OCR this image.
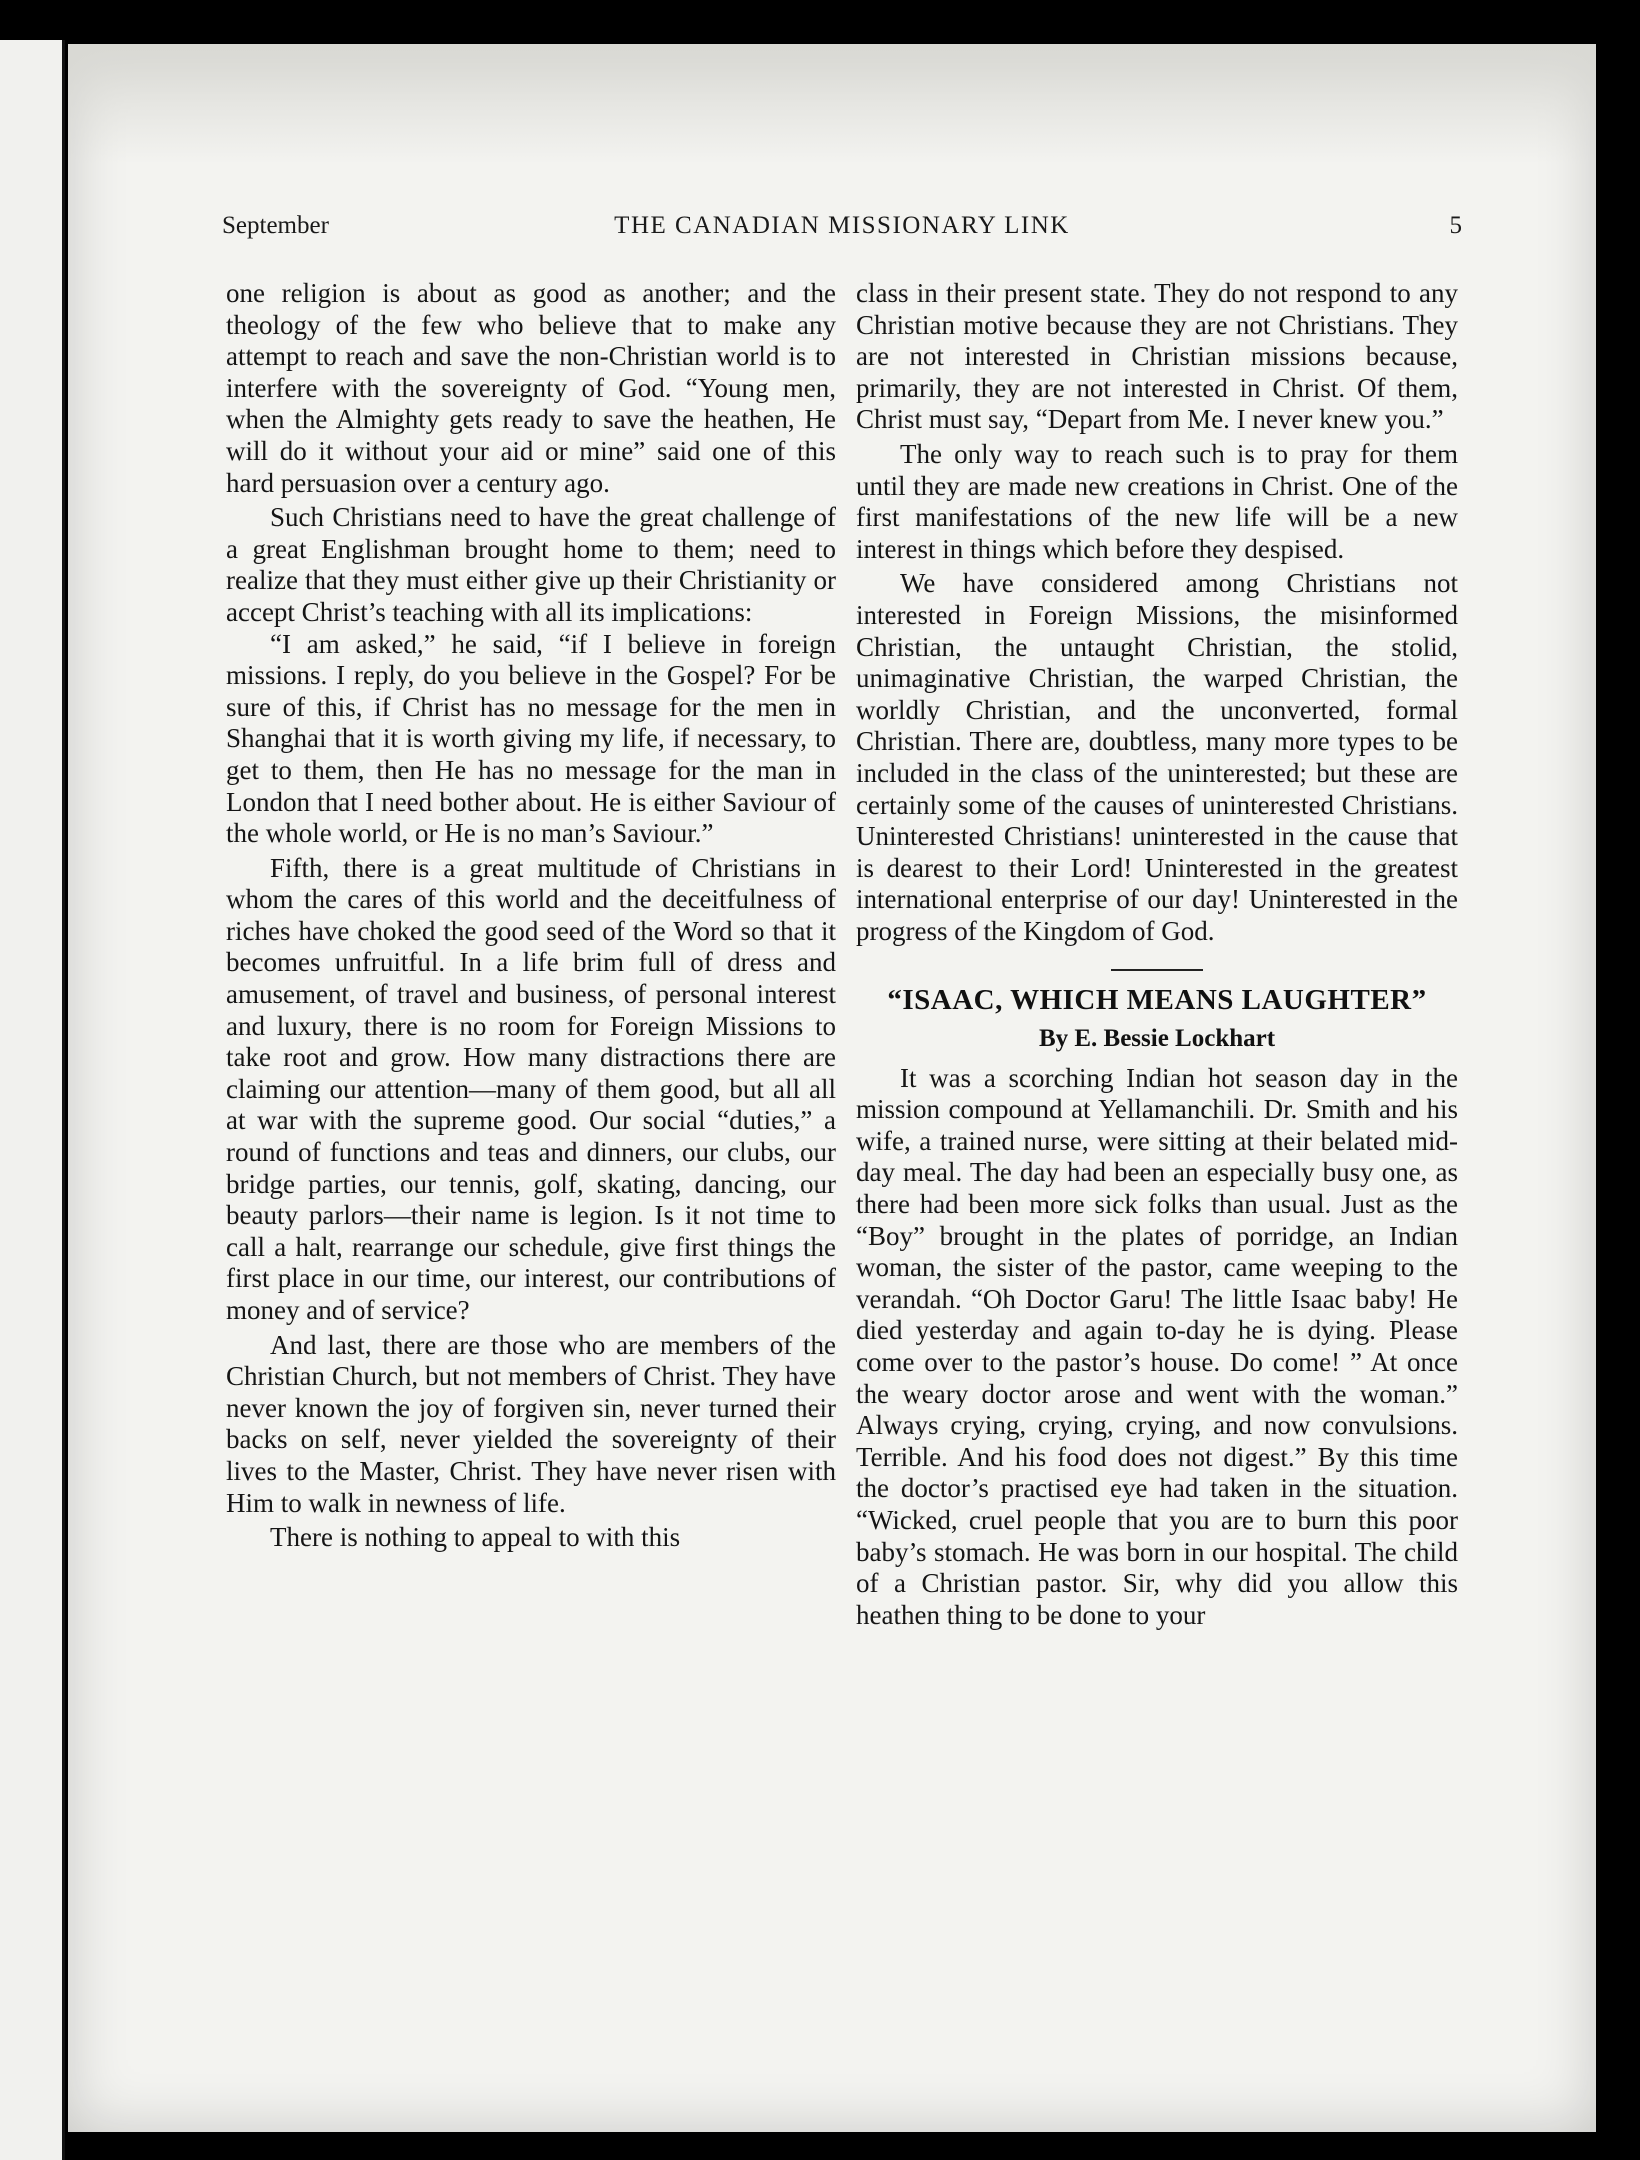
September	THE CANADIAN MISSIONARY LINK	5

one religion is about as good as another; and the theology of the few who believe that to make any attempt to reach and save the non-Christian world is to interfere with the sovereignty of God. “Young men, when the Almighty gets ready to save the heathen, He will do it without your aid or mine” said one of this hard persuasion over a century ago.

Such Christians need to have the great challenge of a great Englishman brought home to them; need to realize that they must either give up their Christianity or accept Christ’s teaching with all its implications:

“I am asked,” he said, “if I believe in foreign missions. I reply, do you believe in the Gospel? For be sure of this, if Christ has no message for the men in Shanghai that it is worth giving my life, if necessary, to get to them, then He has no message for the man in London that I need bother about. He is either Saviour of the whole world, or He is no man’s Saviour.”

Fifth, there is a great multitude of Christians in whom the cares of this world and the deceitfulness of riches have choked the good seed of the Word so that it becomes unfruitful. In a life brim full of dress and amusement, of travel and business, of personal interest and luxury, there is no room for Foreign Missions to take root and grow. How many distractions there are claiming our attention—many of them good, but all all at war with the supreme good. Our social “duties,” a round of functions and teas and dinners, our clubs, our bridge parties, our tennis, golf, skating, dancing, our beauty parlors—their name is legion. Is it not time to call a halt, rearrange our schedule, give first things the first place in our time, our interest, our contributions of money and of service?

And last, there are those who are members of the Christian Church, but not members of Christ. They have never known the joy of forgiven sin, never turned their backs on self, never yielded the sovereignty of their lives to the Master, Christ. They have never risen with Him to walk in newness of life.

There is nothing to appeal to with this

class in their present state. They do not respond to any Christian motive because they are not Christians. They are not interested in Christian missions because, primarily, they are not interested in Christ. Of them, Christ must say, “Depart from Me. I never knew you.”

The only way to reach such is to pray for them until they are made new creations in Christ. One of the first manifestations of the new life will be a new interest in things which before they despised.

We have considered among Christians not interested in Foreign Missions, the misinformed Christian, the untaught Christian, the stolid, unimaginative Christian, the warped Christian, the worldly Christian, and the unconverted, formal Christian. There are, doubtless, many more types to be included in the class of the uninterested; but these are certainly some of the causes of uninterested Christians. Uninterested Christians! uninterested in the cause that is dearest to their Lord! Uninterested in the greatest international enterprise of our day! Uninterested in the progress of the Kingdom of God.

“ISAAC, WHICH MEANS LAUGHTER”
By E. Bessie Lockhart

It was a scorching Indian hot season day in the mission compound at Yellamanchili. Dr. Smith and his wife, a trained nurse, were sitting at their belated mid-day meal. The day had been an especially busy one, as there had been more sick folks than usual. Just as the “Boy” brought in the plates of porridge, an Indian woman, the sister of the pastor, came weeping to the verandah. “Oh Doctor Garu! The little Isaac baby! He died yesterday and again to-day he is dying. Please come over to the pastor’s house. Do come! ” At once the weary doctor arose and went with the woman.” Always crying, crying, crying, and now convulsions. Terrible. And his food does not digest.” By this time the doctor’s practised eye had taken in the situation. “Wicked, cruel people that you are to burn this poor baby’s stomach. He was born in our hospital. The child of a Christian pastor. Sir, why did you allow this heathen thing to be done to your
